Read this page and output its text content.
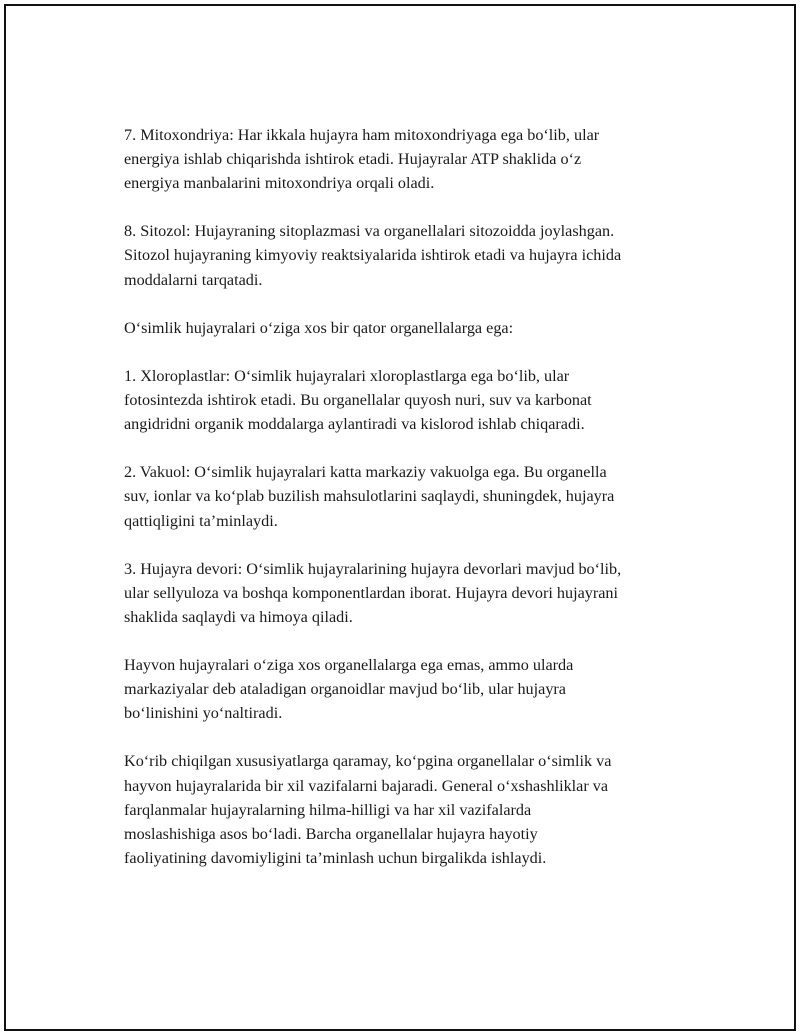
7. Mitoxondriya: Har ikkala hujayra ham mitoxondriyaga ega bo‘lib, ular
energiya ishlab chiqarishda ishtirok etadi. Hujayralar ATP shaklida o‘z
energiya manbalarini mitoxondriya orqali oladi.

8. Sitozol: Hujayraning sitoplazmasi va organellalari sitozoidda joylashgan.
Sitozol hujayraning kimyoviy reaktsiyalarida ishtirok etadi va hujayra ichida
moddalarni tarqatadi.

O‘simlik hujayralari o‘ziga xos bir qator organellalarga ega:

1. Xloroplastlar: O‘simlik hujayralari xloroplastlarga ega bo‘lib, ular
fotosintezda ishtirok etadi. Bu organellalar quyosh nuri, suv va karbonat
angidridni organik moddalarga aylantiradi va kislorod ishlab chiqaradi.

2. Vakuol: O‘simlik hujayralari katta markaziy vakuolga ega. Bu organella
suv, ionlar va ko‘plab buzilish mahsulotlarini saqlaydi, shuningdek, hujayra
qattiqligini ta’minlaydi.

3. Hujayra devori: O‘simlik hujayralarining hujayra devorlari mavjud bo‘lib,
ular sellyuloza va boshqa komponentlardan iborat. Hujayra devori hujayrani
shaklida saqlaydi va himoya qiladi.

Hayvon hujayralari o‘ziga xos organellalarga ega emas, ammo ularda
markaziyalar deb ataladigan organoidlar mavjud bo‘lib, ular hujayra
bo‘linishini yo‘naltiradi.

Ko‘rib chiqilgan xususiyatlarga qaramay, ko‘pgina organellalar o‘simlik va
hayvon hujayralarida bir xil vazifalarni bajaradi. General o‘xshashliklar va
farqlanmalar hujayralarning hilma-hilligi va har xil vazifalarda
moslashishiga asos bo‘ladi. Barcha organellalar hujayra hayotiy
faoliyatining davomiyligini ta’minlash uchun birgalikda ishlaydi.
